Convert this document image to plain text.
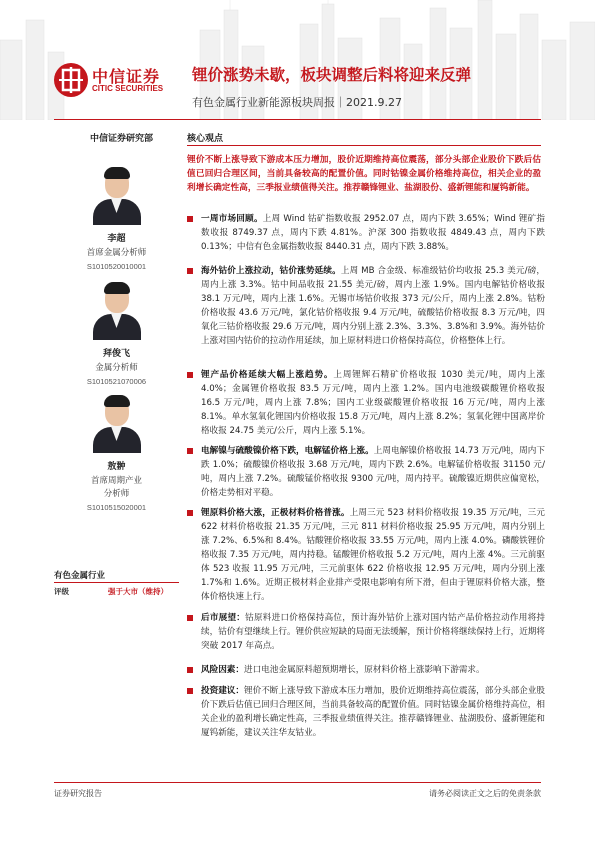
中信证券
CITIC SECURITIES
锂价涨势未歇，板块调整后料将迎来反弹
有色金属行业新能源板块周报｜2021.9.27
中信证券研究部	核心观点
李超
首席金属分析师
S1010520010001
拜俊飞
金属分析师
S1010521070006
敖翀
首席周期产业
分析师
S1010515020001
有色金属行业
评级	强于大市（维持）
锂价不断上涨导致下游成本压力增加，股价近期维持高位震荡，部分头部企业股价下跌后估值已回归合理区间，当前具备较高的配置价值。同时钴镍金属价格维持高位，相关企业的盈利增长确定性高，三季报业绩值得关注。推荐赣锋锂业、盐湖股份、盛新锂能和厦钨新能。
一周市场回顾。上周 Wind 钴矿指数收报 2952.07 点，周内下跌 3.65%；Wind 锂矿指数收报 8749.37 点，周内下跌 4.81%。沪深 300 指数收报 4849.43 点，周内下跌 0.13%；中信有色金属指数收报 8440.31 点，周内下跌 3.88%。
海外钴价上涨拉动，钴价涨势延续。上周 MB 合金级、标准级钴价均收报 25.3 美元/磅，周内上涨 3.3%。钴中间品收报 21.55 美元/磅，周内上涨 1.9%。国内电解钴价格收报 38.1 万元/吨，周内上涨 1.6%。无锡市场钴价收报 373 元/公斤，周内上涨 2.8%。钴粉价格收报 43.6 万元/吨，氯化钴价格收报 9.4 万元/吨，硫酸钴价格收报 8.3 万元/吨，四氧化三钴价格收报 29.6 万元/吨，周内分别上涨 2.3%、3.3%、3.8%和 3.9%。海外钴价上涨对国内钴价的拉动作用延续，加上原材料进口价格保持高位，价格整体上行。
锂产品价格延续大幅上涨趋势。上周锂辉石精矿价格收报 1030 美元/吨，周内上涨 4.0%；金属锂价格收报 83.5 万元/吨，周内上涨 1.2%。国内电池级碳酸锂价格收报 16.5 万元/吨，周内上涨 7.8%；国内工业级碳酸锂价格收报 16 万元/吨，周内上涨 8.1%。单水氢氧化锂国内价格收报 15.8 万元/吨，周内上涨 8.2%；氢氧化锂中国离岸价格收报 24.75 美元/公斤，周内上涨 5.1%。
电解镍与硫酸镍价格下跌，电解锰价格上涨。上周电解镍价格收报 14.73 万元/吨，周内下跌 1.0%；硫酸镍价格收报 3.68 万元/吨，周内下跌 2.6%。电解锰价格收报 31150 元/吨，周内上涨 7.2%。硫酸锰价格收报 9300 元/吨，周内持平。硫酸镍近期供应偏宽松，价格走势相对平稳。
锂原料价格大涨，正极材料价格普涨。上周三元 523 材料价格收报 19.35 万元/吨，三元 622 材料价格收报 21.35 万元/吨，三元 811 材料价格收报 25.95 万元/吨，周内分别上涨 7.2%、6.5%和 8.4%。钴酸锂价格收报 33.55 万元/吨，周内上涨 4.0%。磷酸铁锂价格收报 7.35 万元/吨，周内持稳。锰酸锂价格收报 5.2 万元/吨，周内上涨 4%。三元前驱体 523 收报 11.95 万元/吨，三元前驱体 622 价格收报 12.95 万元/吨，周内分别上涨 1.7%和 1.6%。近期正极材料企业排产受限电影响有所下滑，但由于锂原料价格大涨，整体价格快速上行。
后市展望：钴原料进口价格保持高位，预计海外钴价上涨对国内钴产品价格拉动作用将持续，钴价有望继续上行。锂价供应短缺的局面无法缓解，预计价格将继续保持上行，近期将突破 2017 年高点。
风险因素：进口电池金属原料超预期增长，原材料价格上涨影响下游需求。
投资建议：锂价不断上涨导致下游成本压力增加，股价近期维持高位震荡，部分头部企业股价下跌后估值已回归合理区间，当前具备较高的配置价值。同时钴镍金属价格维持高位，相关企业的盈利增长确定性高，三季报业绩值得关注。推荐赣锋锂业、盐湖股份、盛新锂能和厦钨新能，建议关注华友钴业。
证券研究报告	请务必阅读正文之后的免责条款
